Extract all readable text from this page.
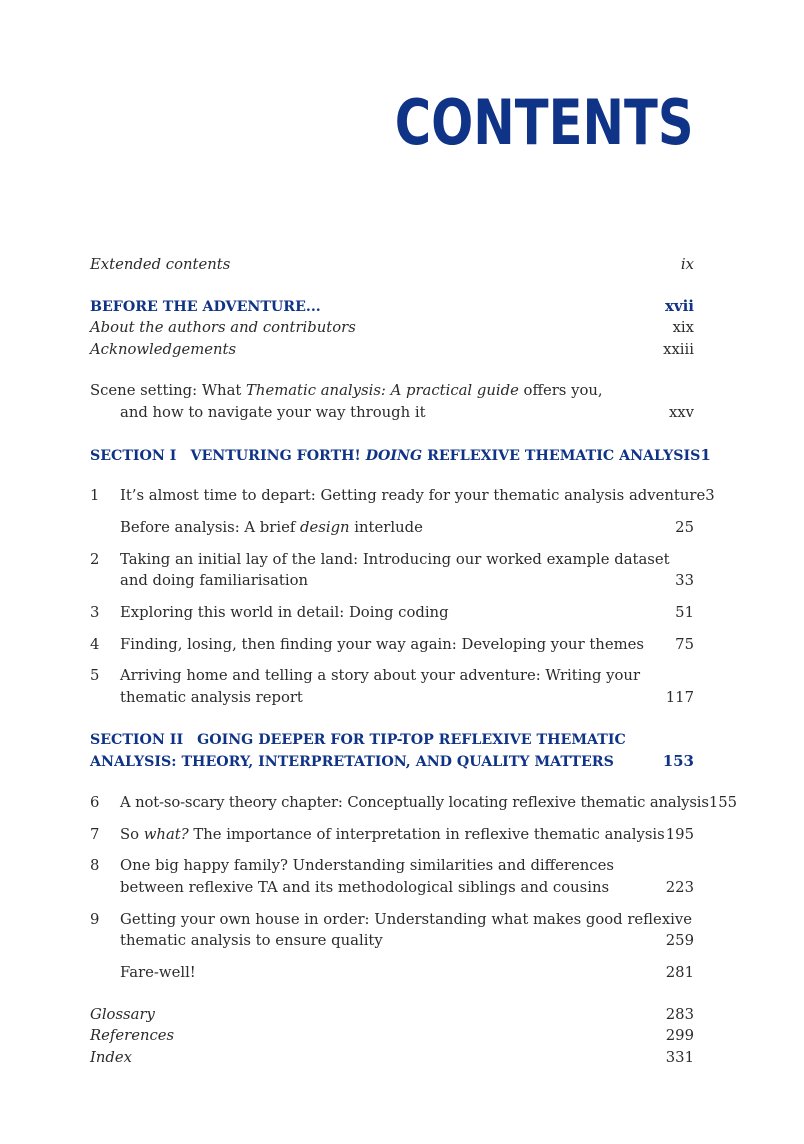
CONTENTS
Extended contents	ix
BEFORE THE ADVENTURE...	xvii
About the authors and contributors	xix
Acknowledgements	xxiii
Scene setting: What Thematic analysis: A practical guide offers you,
and how to navigate your way through it	xxv
SECTION I VENTURING FORTH! DOING REFLEXIVE THEMATIC ANALYSIS 1
1	It’s almost time to depart: Getting ready for your thematic analysis adventure 3
Before analysis: A brief design interlude	25
2	Taking an initial lay of the land: Introducing our worked example dataset
and doing familiarisation	33
3	Exploring this world in detail: Doing coding	51
4	Finding, losing, then finding your way again: Developing your themes 75
5	Arriving home and telling a story about your adventure: Writing your
thematic analysis report	117
SECTION II GOING DEEPER FOR TIP-TOP REFLEXIVE THEMATIC
ANALYSIS: THEORY, INTERPRETATION, AND QUALITY MATTERS	153
6	A not-so-scary theory chapter: Conceptually locating reflexive thematic analysis 155
7	So what? The importance of interpretation in reflexive thematic analysis 195
8	One big happy family? Understanding similarities and differences
between reflexive TA and its methodological siblings and cousins	223
9	Getting your own house in order: Understanding what makes good reflexive
thematic analysis to ensure quality	259
Fare-well!	281
Glossary	283
References	299
Index	331
